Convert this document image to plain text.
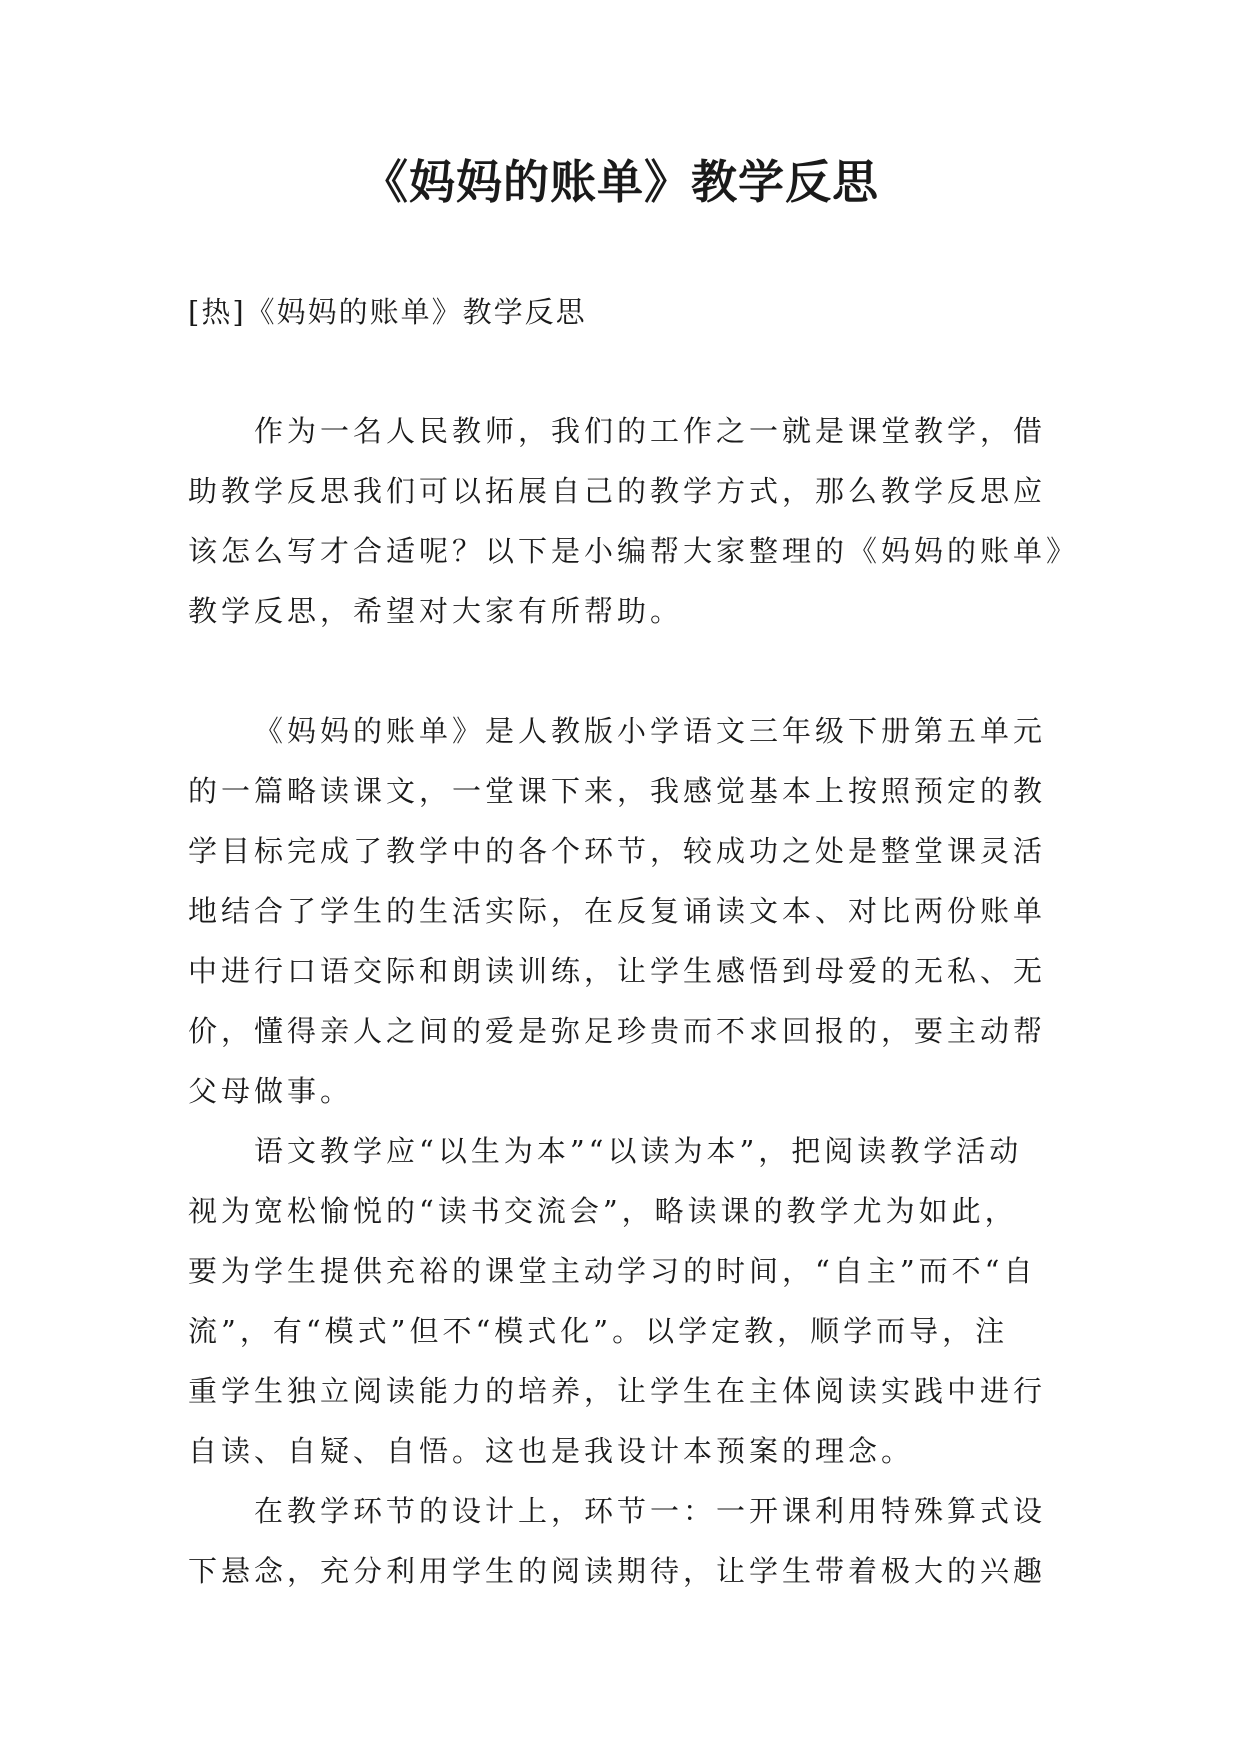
《妈妈的账单》教学反思
[热]《妈妈的账单》教学反思
作为一名人民教师，我们的工作之一就是课堂教学，借
助教学反思我们可以拓展自己的教学方式，那么教学反思应
该怎么写才合适呢？以下是小编帮大家整理的《妈妈的账单》
教学反思，希望对大家有所帮助。
《妈妈的账单》是人教版小学语文三年级下册第五单元
的一篇略读课文，一堂课下来，我感觉基本上按照预定的教
学目标完成了教学中的各个环节，较成功之处是整堂课灵活
地结合了学生的生活实际，在反复诵读文本、对比两份账单
中进行口语交际和朗读训练，让学生感悟到母爱的无私、无
价，懂得亲人之间的爱是弥足珍贵而不求回报的，要主动帮
父母做事。
语文教学应“以生为本”“以读为本”，把阅读教学活动
视为宽松愉悦的“读书交流会”，略读课的教学尤为如此，
要为学生提供充裕的课堂主动学习的时间，“自主”而不“自
流”，有“模式”但不“模式化”。以学定教，顺学而导，注
重学生独立阅读能力的培养，让学生在主体阅读实践中进行
自读、自疑、自悟。这也是我设计本预案的理念。
在教学环节的设计上，环节一：一开课利用特殊算式设
下悬念，充分利用学生的阅读期待，让学生带着极大的兴趣
